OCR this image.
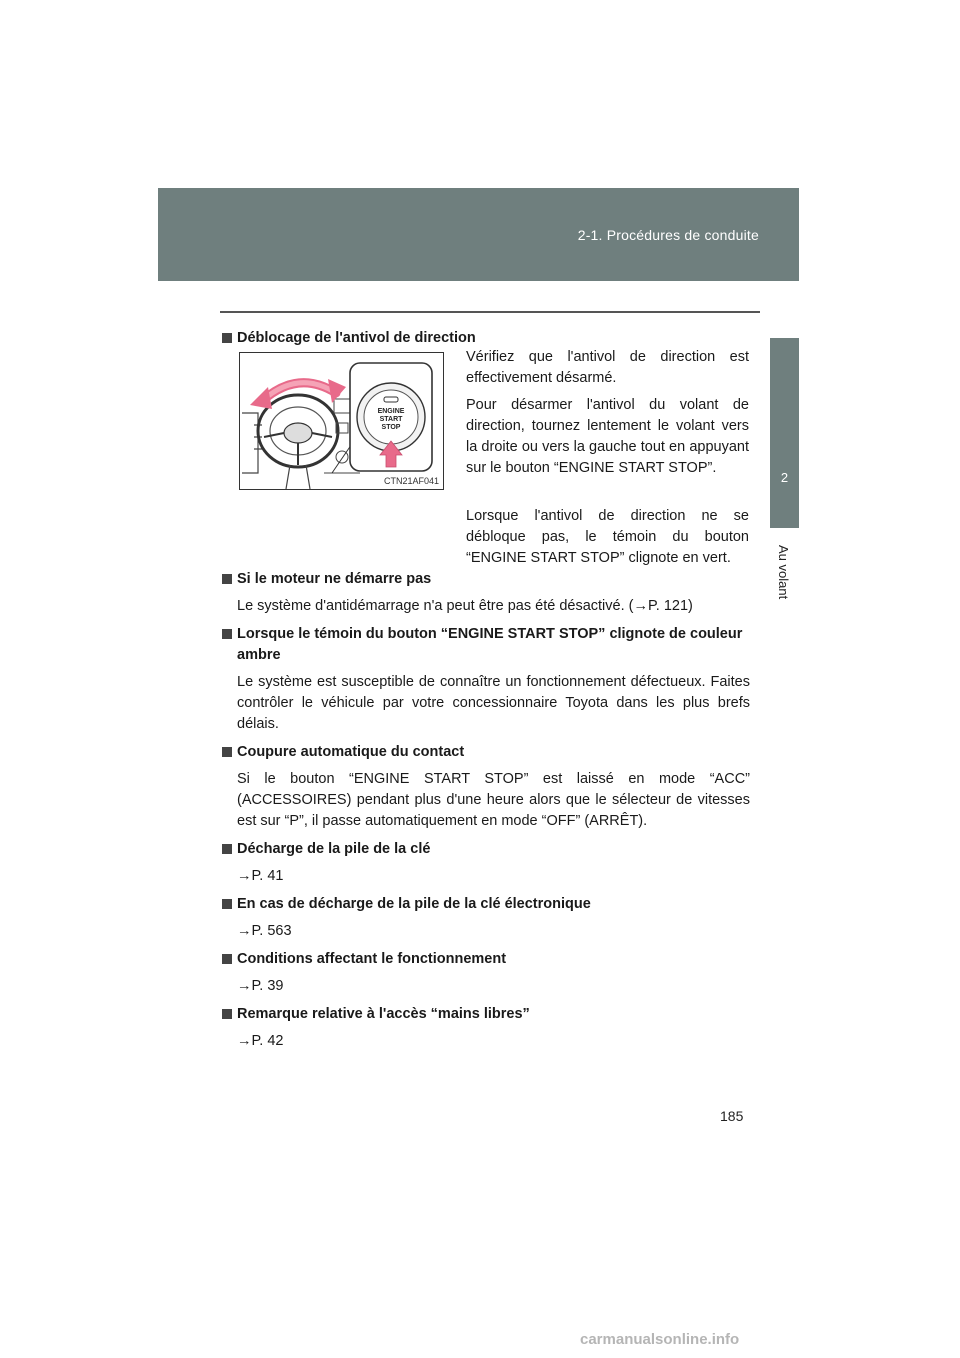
2-1. Procédures de conduite
2
Au volant
Déblocage de l'antivol de direction
ENGINE
START
STOP
CTN21AF041
Vérifiez que l'antivol de direction est effectivement désarmé.
Pour désarmer l'antivol du volant de direction, tournez lentement le volant vers la droite ou vers la gauche tout en appuyant sur le bouton “ENGINE START STOP”.
Lorsque l'antivol de direction ne se débloque pas, le témoin du bouton “ENGINE START STOP” clignote en vert.
Si le moteur ne démarre pas
Le système d'antidémarrage n'a peut être pas été désactivé. (→P. 121)
Lorsque le témoin du bouton “ENGINE START STOP” clignote de couleur ambre
Le système est susceptible de connaître un fonctionnement défectueux. Faites contrôler le véhicule par votre concessionnaire Toyota dans les plus brefs délais.
Coupure automatique du contact
Si le bouton “ENGINE START STOP” est laissé en mode “ACC” (ACCESSOIRES) pendant plus d'une heure alors que le sélecteur de vitesses est sur “P”, il passe automatiquement en mode “OFF” (ARRÊT).
Décharge de la pile de la clé
→P. 41
En cas de décharge de la pile de la clé électronique
→P. 563
Conditions affectant le fonctionnement
→P. 39
Remarque relative à l'accès “mains libres”
→P. 42
185
carmanualsonline.info
